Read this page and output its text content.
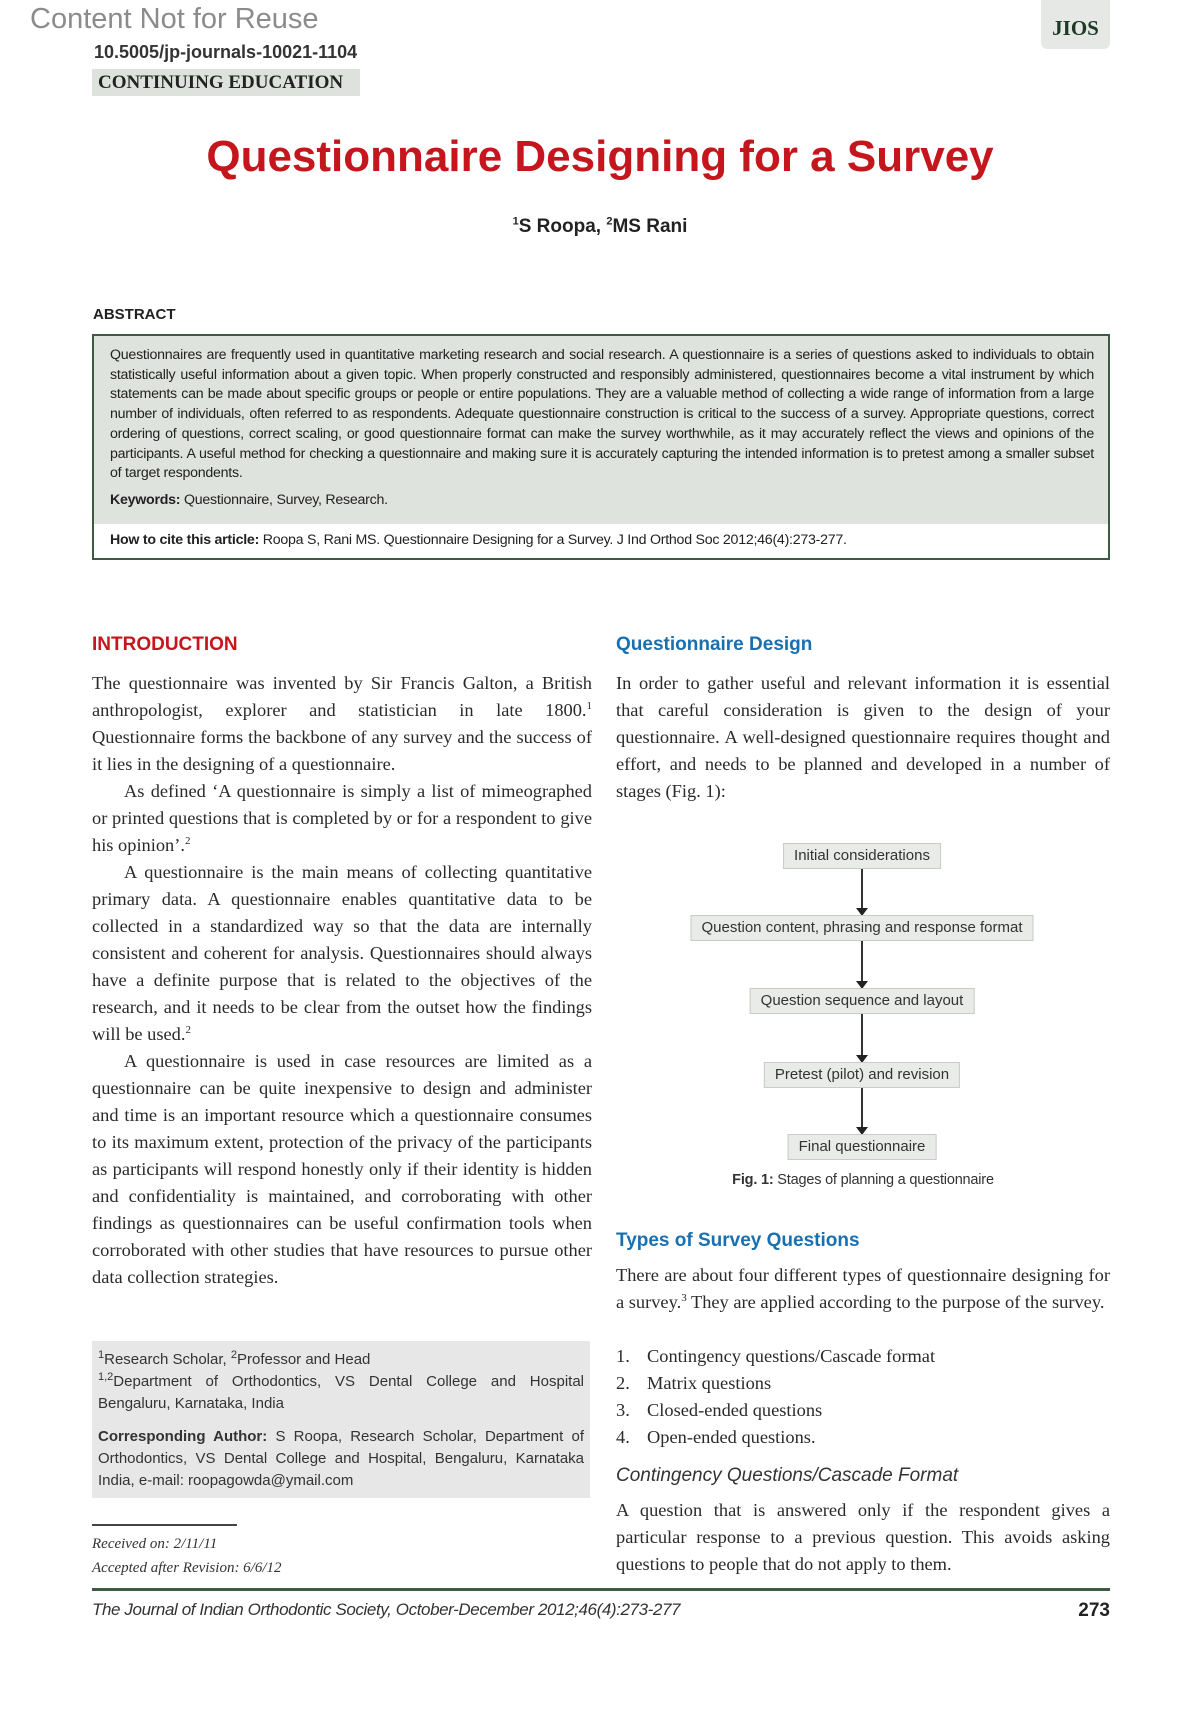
JIOS
Content Not for Reuse
10.5005/jp-journals-10021-1104
CONTINUING EDUCATION
Questionnaire Designing for a Survey
$^1$S Roopa, $^2$MS Rani
ABSTRACT
Questionnaires are frequently used in quantitative marketing research and social research. A questionnaire is a series of questions asked to individuals to obtain statistically useful information about a given topic. When properly constructed and responsibly administered, questionnaires become a vital instrument by which statements can be made about specific groups or people or entire populations. They are a valuable method of collecting a wide range of information from a large number of individuals, often referred to as respondents. Adequate questionnaire construction is critical to the success of a survey. Appropriate questions, correct ordering of questions, correct scaling, or good questionnaire format can make the survey worthwhile, as it may accurately reflect the views and opinions of the participants. A useful method for checking a questionnaire and making sure it is accurately capturing the intended information is to pretest among a smaller subset of target respondents.
Keywords: Questionnaire, Survey, Research.
How to cite this article: Roopa S, Rani MS. Questionnaire Designing for a Survey. J Ind Orthod Soc 2012;46(4):273-277.
INTRODUCTION

The questionnaire was invented by Sir Francis Galton, a British anthropologist, explorer and statistician in late 1800.$^1$ Questionnaire forms the backbone of any survey and the success of it lies in the designing of a questionnaire.

As defined ‘A questionnaire is simply a list of mimeographed or printed questions that is completed by or for a respondent to give his opinion’.$^2$

A questionnaire is the main means of collecting quantitative primary data. A questionnaire enables quantitative data to be collected in a standardized way so that the data are internally consistent and coherent for analysis. Questionnaires should always have a definite purpose that is related to the objectives of the research, and it needs to be clear from the outset how the findings will be used.$^2$

A questionnaire is used in case resources are limited as a questionnaire can be quite inexpensive to design and administer and time is an important resource which a questionnaire consumes to its maximum extent, protection of the privacy of the participants as participants will respond honestly only if their identity is hidden and confidentiality is maintained, and corroborating with other findings as questionnaires can be useful confirmation tools when corroborated with other studies that have resources to pursue other data collection strategies.

Questionnaire Design
In order to gather useful and relevant information it is essential that careful consideration is given to the design of your questionnaire. A well-designed questionnaire requires thought and effort, and needs to be planned and developed in a number of stages (Fig. 1):
Initial considerations
Question content, phrasing and response format
Question sequence and layout
Pretest (pilot) and revision
Final questionnaire
Fig. 1: Stages of planning a questionnaire
Types of Survey Questions
There are about four different types of questionnaire designing for a survey.$^3$ They are applied according to the purpose of the survey.
1. Contingency questions/Cascade format
2. Matrix questions
3. Closed-ended questions
4. Open-ended questions.
Contingency Questions/Cascade Format
A question that is answered only if the respondent gives a particular response to a previous question. This avoids asking questions to people that do not apply to them.

$^1$Research Scholar, $^2$Professor and Head

$^{1,2}$Department of Orthodontics, VS Dental College and Hospital Bengaluru, Karnataka, India

Corresponding Author: S Roopa, Research Scholar, Department of Orthodontics, VS Dental College and Hospital, Bengaluru, Karnataka India, e-mail: roopagowda@ymail.com

Received on: 2/11/11
Accepted after Revision: 6/6/12
The Journal of Indian Orthodontic Society, October-December 2012;46(4):273-277	273
